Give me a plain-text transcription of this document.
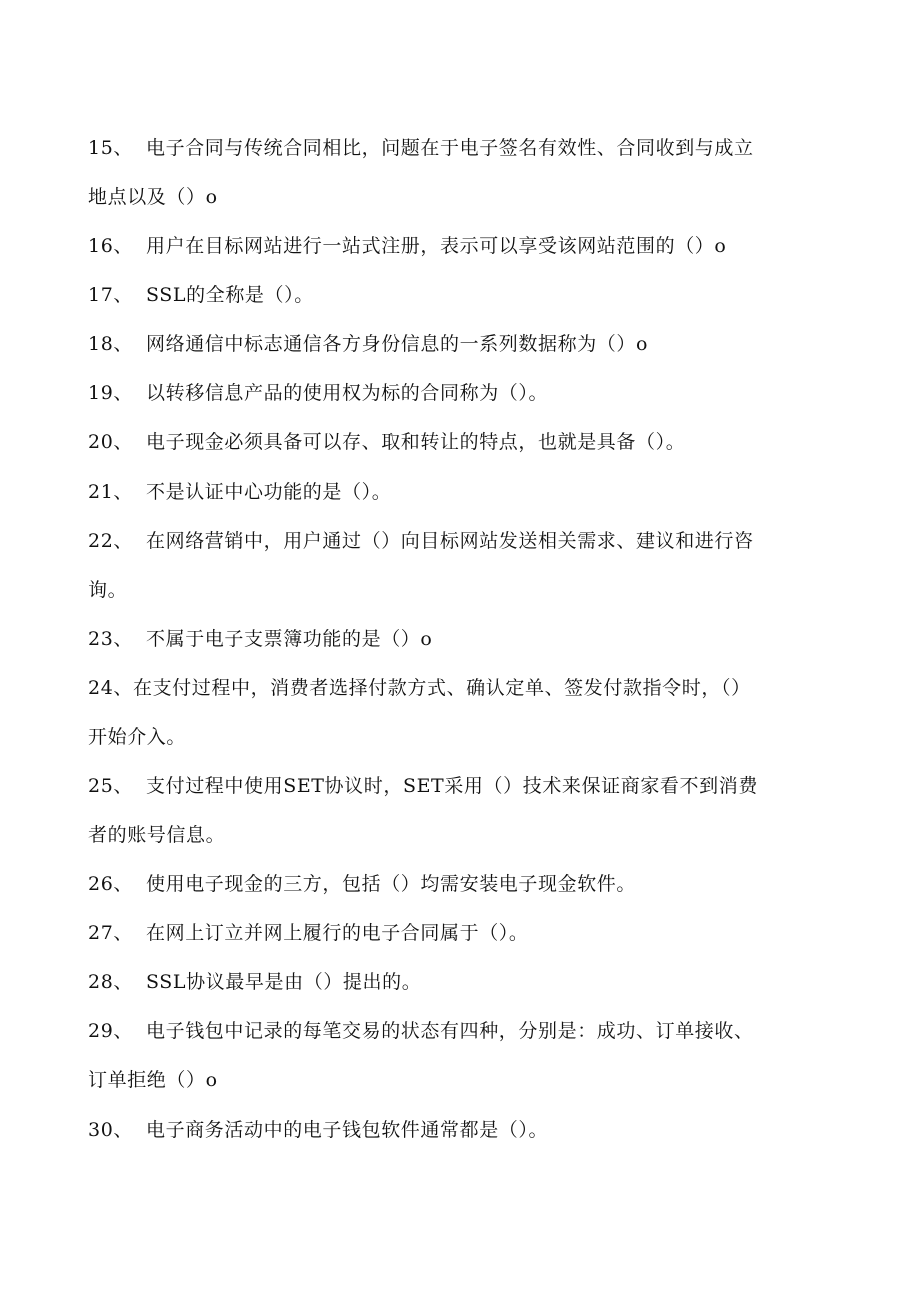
15、 电子合同与传统合同相比，问题在于电子签名有效性、合同收到与成立
地点以及（）o
16、 用户在目标网站进行一站式注册，表示可以享受该网站范围的（）o
17、 SSL的全称是（）。
18、 网络通信中标志通信各方身份信息的一系列数据称为（）o
19、 以转移信息产品的使用权为标的合同称为（）。
20、 电子现金必须具备可以存、取和转让的特点，也就是具备（）。
21、 不是认证中心功能的是（）。
22、 在网络营销中，用户通过（）向目标网站发送相关需求、建议和进行咨
询。
23、 不属于电子支票簿功能的是（）o
24、在支付过程中，消费者选择付款方式、确认定单、签发付款指令时，（）
开始介入。
25、 支付过程中使用SET协议时，SET采用（）技术来保证商家看不到消费
者的账号信息。
26、 使用电子现金的三方，包括（）均需安装电子现金软件。
27、 在网上订立并网上履行的电子合同属于（）。
28、 SSL协议最早是由（）提出的。
29、 电子钱包中记录的每笔交易的状态有四种，分别是：成功、订单接收、
订单拒绝（）o
30、 电子商务活动中的电子钱包软件通常都是（）。
